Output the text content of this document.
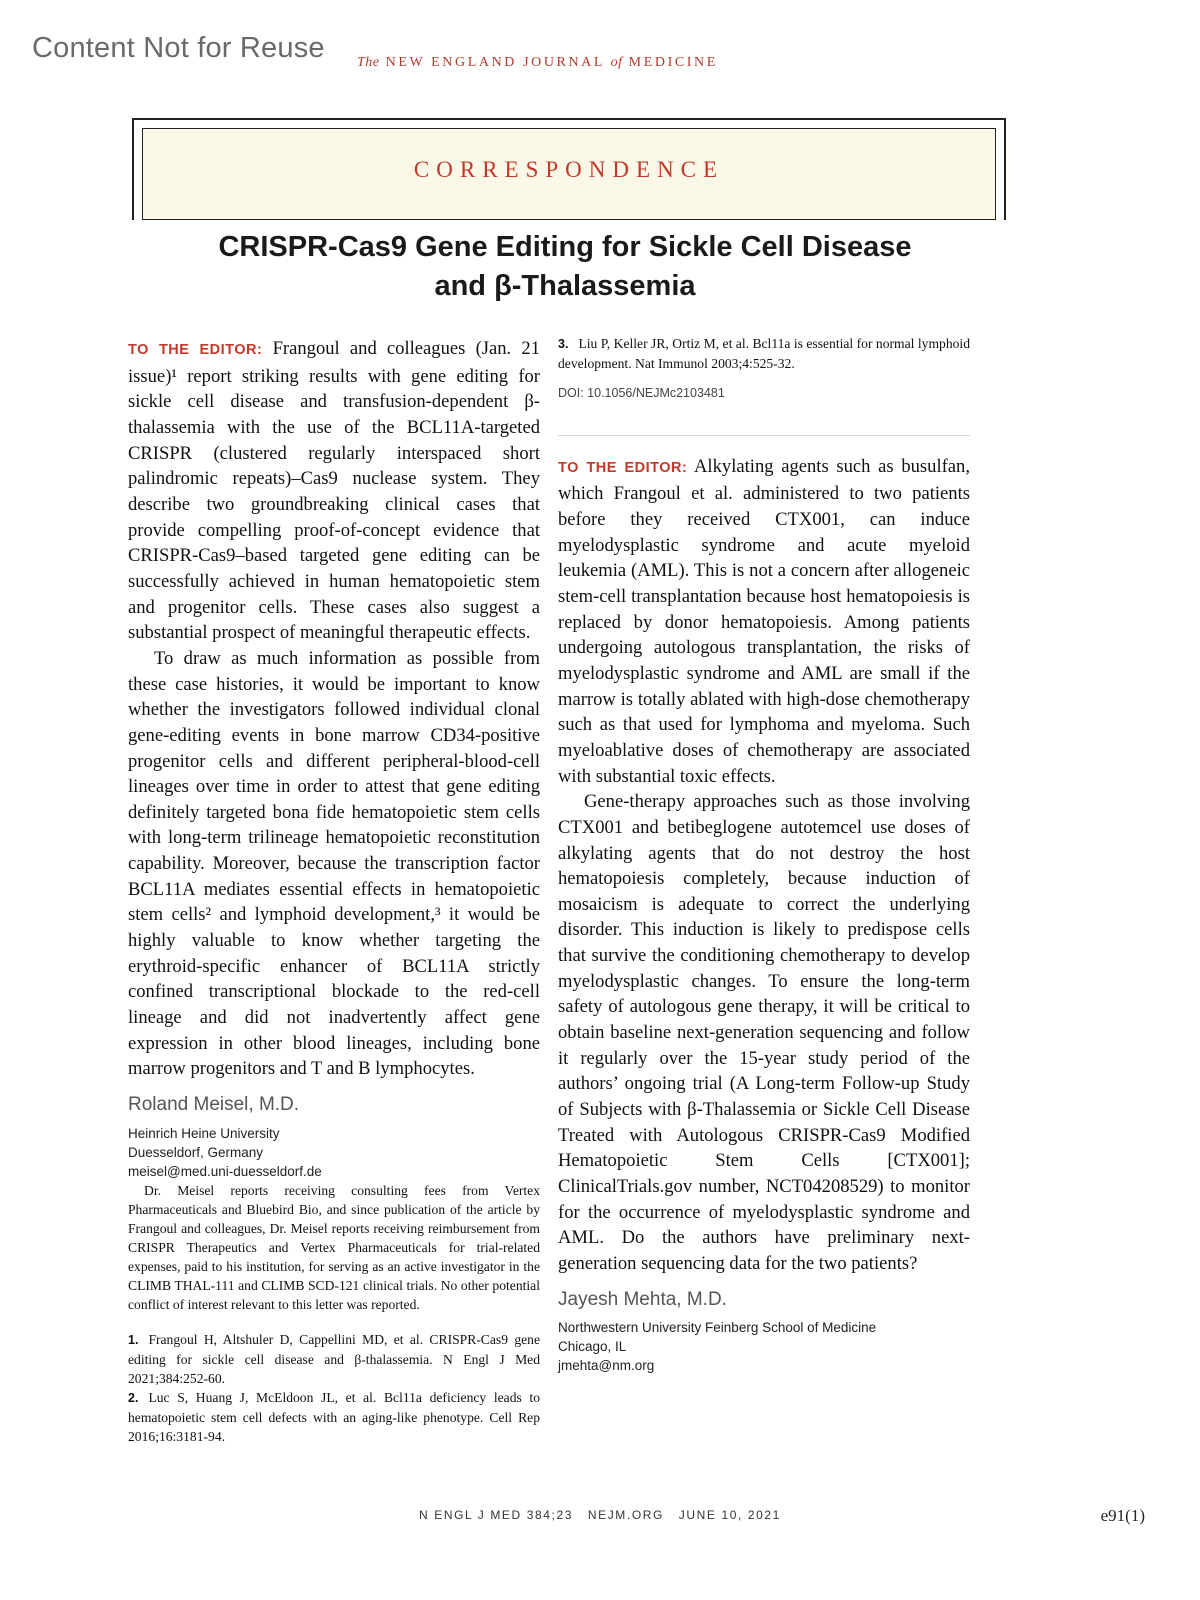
Content Not for Reuse The NEW ENGLAND JOURNAL of MEDICINE
CORRESPONDENCE
CRISPR-Cas9 Gene Editing for Sickle Cell Disease
and β-Thalassemia

TO THE EDITOR: Frangoul and colleagues (Jan. 21 issue)¹ report striking results with gene editing for sickle cell disease and transfusion-dependent β-thalassemia with the use of the BCL11A-targeted CRISPR (clustered regularly interspaced short palindromic repeats)–Cas9 nuclease system. They describe two groundbreaking clinical cases that provide compelling proof-of-concept evidence that CRISPR-Cas9–based targeted gene editing can be successfully achieved in human hematopoietic stem and progenitor cells. These cases also suggest a substantial prospect of meaningful therapeutic effects.

To draw as much information as possible from these case histories, it would be important to know whether the investigators followed individual clonal gene-editing events in bone marrow CD34-positive progenitor cells and different peripheral-blood-cell lineages over time in order to attest that gene editing definitely targeted bona fide hematopoietic stem cells with long-term trilineage hematopoietic reconstitution capability. Moreover, because the transcription factor BCL11A mediates essential effects in hematopoietic stem cells² and lymphoid development,³ it would be highly valuable to know whether targeting the erythroid-specific enhancer of BCL11A strictly confined transcriptional blockade to the red-cell lineage and did not inadvertently affect gene expression in other blood lineages, including bone marrow progenitors and T and B lymphocytes.

Roland Meisel, M.D.
Heinrich Heine University
Duesseldorf, Germany
meisel@med.uni-duesseldorf.de

Dr. Meisel reports receiving consulting fees from Vertex Pharmaceuticals and Bluebird Bio, and since publication of the article by Frangoul and colleagues, Dr. Meisel reports receiving reimbursement from CRISPR Therapeutics and Vertex Pharmaceuticals for trial-related expenses, paid to his institution, for serving as an active investigator in the CLIMB THAL-111 and CLIMB SCD-121 clinical trials. No other potential conflict of interest relevant to this letter was reported.

1. Frangoul H, Altshuler D, Cappellini MD, et al. CRISPR-Cas9 gene editing for sickle cell disease and β-thalassemia. N Engl J Med 2021;384:252-60.

2. Luc S, Huang J, McEldoon JL, et al. Bcl11a deficiency leads to hematopoietic stem cell defects with an aging-like phenotype. Cell Rep 2016;16:3181-94.

3. Liu P, Keller JR, Ortiz M, et al. Bcl11a is essential for normal lymphoid development. Nat Immunol 2003;4:525-32.

DOI: 10.1056/NEJMc2103481

TO THE EDITOR: Alkylating agents such as busulfan, which Frangoul et al. administered to two patients before they received CTX001, can induce myelodysplastic syndrome and acute myeloid leukemia (AML). This is not a concern after allogeneic stem-cell transplantation because host hematopoiesis is replaced by donor hematopoiesis. Among patients undergoing autologous transplantation, the risks of myelodysplastic syndrome and AML are small if the marrow is totally ablated with high-dose chemotherapy such as that used for lymphoma and myeloma. Such myeloablative doses of chemotherapy are associated with substantial toxic effects.

Gene-therapy approaches such as those involving CTX001 and betibeglogene autotemcel use doses of alkylating agents that do not destroy the host hematopoiesis completely, because induction of mosaicism is adequate to correct the underlying disorder. This induction is likely to predispose cells that survive the conditioning chemotherapy to develop myelodysplastic changes. To ensure the long-term safety of autologous gene therapy, it will be critical to obtain baseline next-generation sequencing and follow it regularly over the 15-year study period of the authors’ ongoing trial (A Long-term Follow-up Study of Subjects with β-Thalassemia or Sickle Cell Disease Treated with Autologous CRISPR-Cas9 Modified Hematopoietic Stem Cells [CTX001]; ClinicalTrials.gov number, NCT04208529) to monitor for the occurrence of myelodysplastic syndrome and AML. Do the authors have preliminary next-generation sequencing data for the two patients?

Jayesh Mehta, M.D.
Northwestern University Feinberg School of Medicine
Chicago, IL
jmehta@nm.org
N ENGL J MED 384;23   NEJM.ORG   JUNE 10, 2021	e91(1)
